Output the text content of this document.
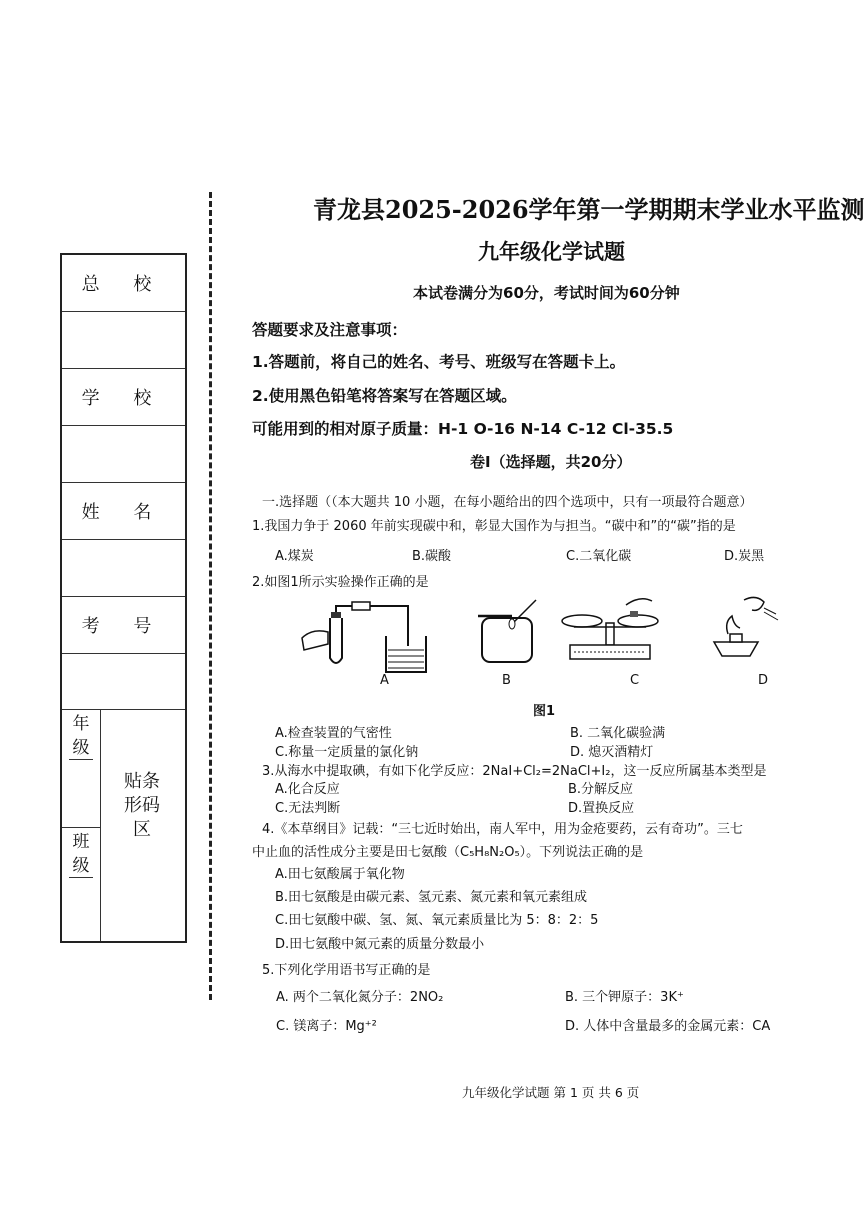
总 校
学 校
姓 名
考 号
年级
班级
贴条形码区
青龙县2025-2026学年第一学期期末学业水平监测
九年级化学试题
本试卷满分为60分，考试时间为60分钟
答题要求及注意事项：
1.答题前，将自己的姓名、考号、班级写在答题卡上。
2.使用黑色铅笔将答案写在答题区域。
可能用到的相对原子质量：H-1 O-16 N-14 C-12 Cl-35.5
卷Ⅰ（选择题，共20分）
一.选择题（（本大题共 10 小题，在每小题给出的四个选项中，只有一项最符合题意）
1.我国力争于 2060 年前实现碳中和，彰显大国作为与担当。“碳中和”的“碳”指的是
A.煤炭	B.碳酸	C.二氧化碳	D.炭黑
2.如图1所示实验操作正确的是
A	B	C	D
图1
A.检查装置的气密性	B. 二氧化碳验满
C.称量一定质量的氯化钠	D. 熄灭酒精灯
3.从海水中提取碘，有如下化学反应：2NaI+Cl₂=2NaCl+I₂，这一反应所属基本类型是
A.化合反应	B.分解反应
C.无法判断	D.置换反应
4.《本草纲目》记载：“三七近时始出，南人军中，用为金疮要药，云有奇功”。三七
中止血的活性成分主要是田七氨酸（C₅H₈N₂O₅）。下列说法正确的是
A.田七氨酸属于氧化物
B.田七氨酸是由碳元素、氢元素、氮元素和氧元素组成
C.田七氨酸中碳、氢、氮、氧元素质量比为 5：8：2：5
D.田七氨酸中氮元素的质量分数最小
5.下列化学用语书写正确的是
A. 两个二氧化氮分子：2NO₂	B. 三个钾原子：3K⁺
C. 镁离子：Mg⁺²	D. 人体中含量最多的金属元素：CA
九年级化学试题 第 1 页 共 6 页
